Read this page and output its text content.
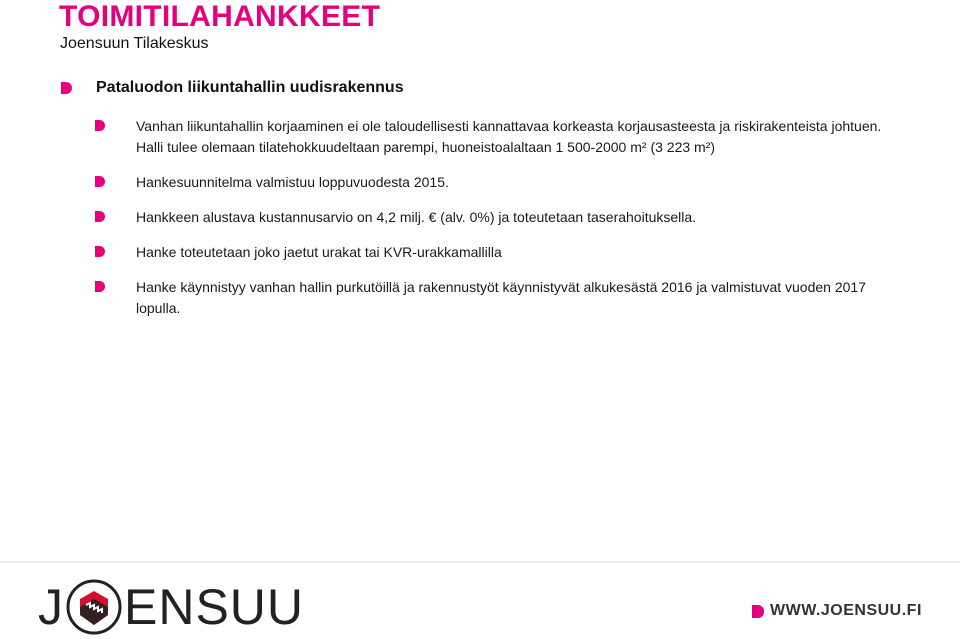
TOIMITILAHANKKEET
Joensuun Tilakeskus
Pataluodon liikuntahallin uudisrakennus
Vanhan liikuntahallin korjaaminen ei ole taloudellisesti kannattavaa korkeasta korjausasteesta ja riskirakenteista johtuen. Halli tulee olemaan tilatehokkuudeltaan parempi, huoneistoalaltaan 1 500-2000 m² (3 223 m²)
Hankesuunnitelma valmistuu loppuvuodesta 2015.
Hankkeen alustava kustannusarvio on 4,2 milj. € (alv. 0%) ja toteutetaan taserahoituksella.
Hanke toteutetaan joko jaetut urakat tai KVR-urakkamallilla
Hanke käynnistyy vanhan hallin purkutöillä ja rakennustyöt käynnistyvät alkukesästä 2016 ja valmistuvat vuoden 2017 lopulla.
J ENSUU	WWW.JOENSUU.FI
